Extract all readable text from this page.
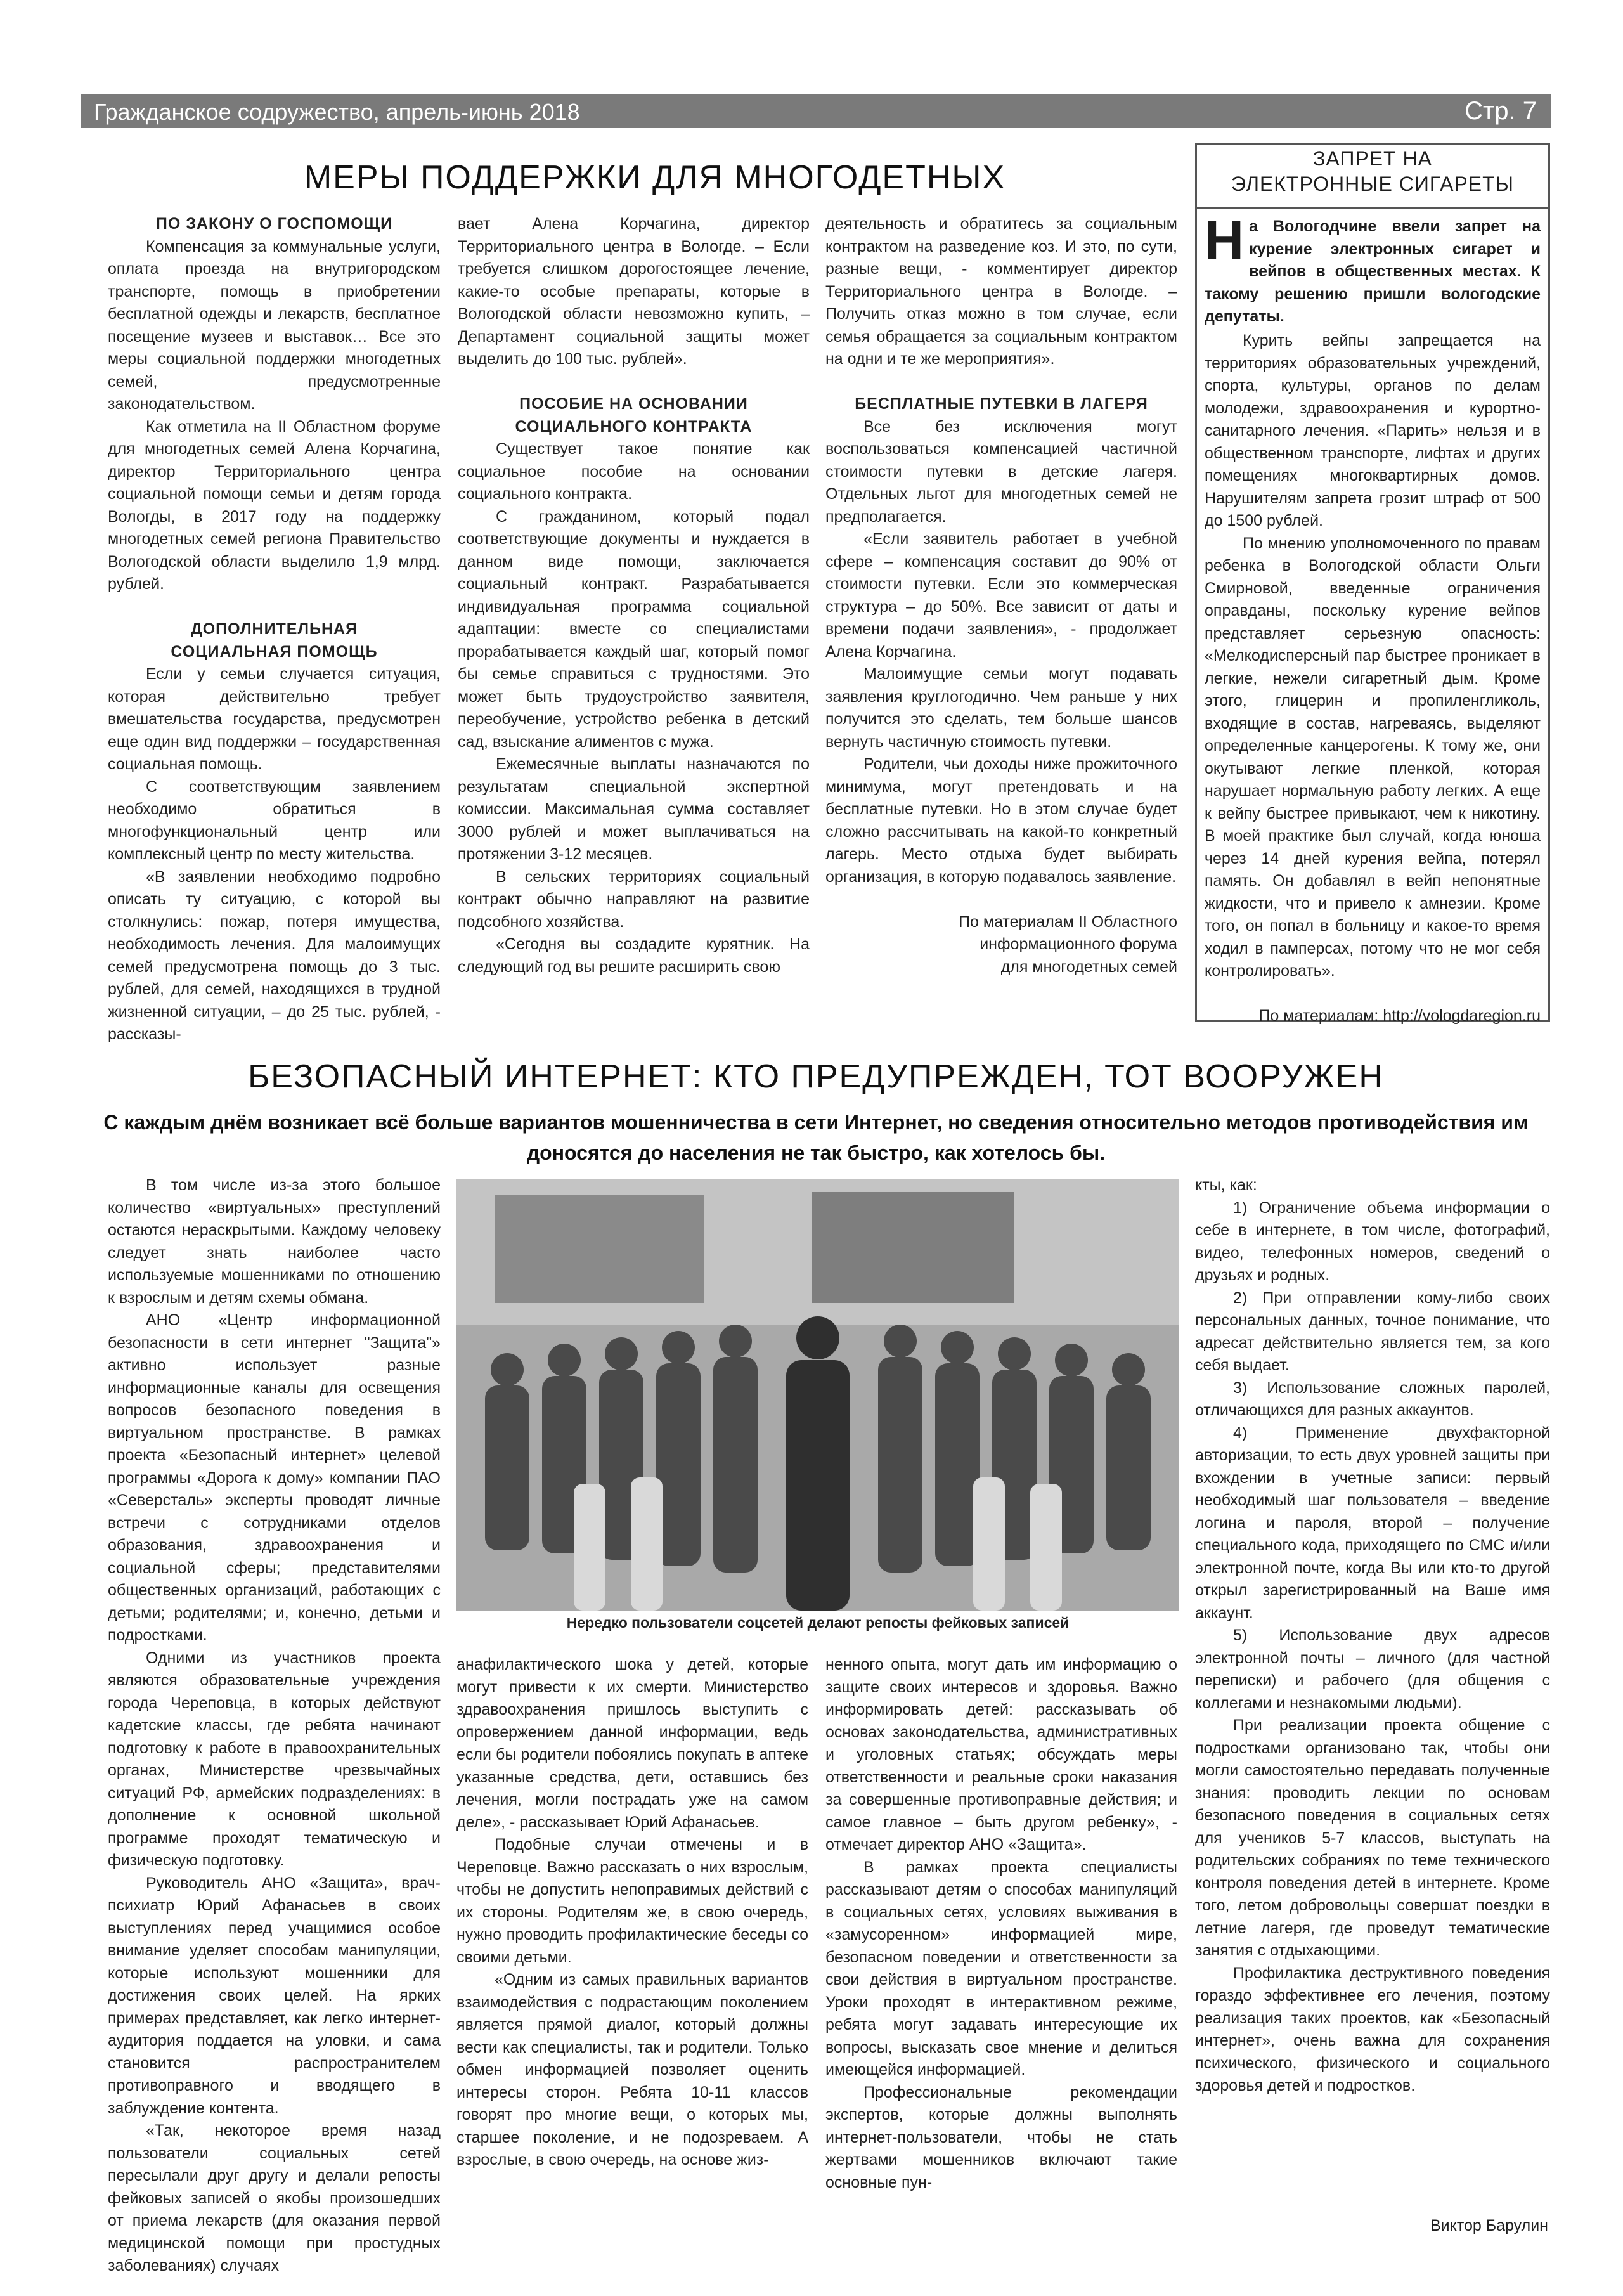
Гражданское содружество, апрель-июнь 2018	Стр. 7
МЕРЫ ПОДДЕРЖКИ ДЛЯ МНОГОДЕТНЫХ
ПО ЗАКОНУ О ГОСПОМОЩИ

Компенсация за коммунальные услуги, оплата проезда на внутригородском транспорте, помощь в приобретении бесплатной одежды и лекарств, бесплатное посещение музеев и выставок… Все это меры социальной поддержки многодетных семей, предусмотренные законодательством.

Как отметила на II Областном форуме для многодетных семей Алена Корчагина, директор Территориального центра социальной помощи семьи и детям города Вологды, в 2017 году на поддержку многодетных семей региона Правительство Вологодской области выделило 1,9 млрд. рублей.

ДОПОЛНИТЕЛЬНАЯ
СОЦИАЛЬНАЯ ПОМОЩЬ

Если у семьи случается ситуация, которая действительно требует вмешательства государства, предусмотрен еще один вид поддержки – государственная социальная помощь.

С соответствующим заявлением необходимо обратиться в многофункциональный центр или комплексный центр по месту жительства.

«В заявлении необходимо подробно описать ту ситуацию, с которой вы столкнулись: пожар, потеря имущества, необходимость лечения. Для малоимущих семей предусмотрена помощь до 3 тыс. рублей, для семей, находящихся в трудной жизненной ситуации, – до 25 тыс. рублей, - рассказы-

вает Алена Корчагина, директор Территориального центра в Вологде. – Если требуется слишком дорогостоящее лечение, какие-то особые препараты, которые в Вологодской области невозможно купить, – Департамент социальной защиты может выделить до 100 тыс. рублей».

ПОСОБИЕ НА ОСНОВАНИИ
СОЦИАЛЬНОГО КОНТРАКТА

Существует такое понятие как социальное пособие на основании социального контракта.

С гражданином, который подал соответствующие документы и нуждается в данном виде помощи, заключается социальный контракт. Разрабатывается индивидуальная программа социальной адаптации: вместе со специалистами прорабатывается каждый шаг, который помог бы семье справиться с трудностями. Это может быть трудоустройство заявителя, переобучение, устройство ребенка в детский сад, взыскание алиментов с мужа.

Ежемесячные выплаты назначаются по результатам специальной экспертной комиссии. Максимальная сумма составляет 3000 рублей и может выплачиваться на протяжении 3-12 месяцев.

В сельских территориях социальный контракт обычно направляют на развитие подсобного хозяйства.

«Сегодня вы создадите курятник. На следующий год вы решите расширить свою

деятельность и обратитесь за социальным контрактом на разведение коз. И это, по сути, разные вещи, - комментирует директор Территориального центра в Вологде. – Получить отказ можно в том случае, если семья обращается за социальным контрактом на одни и те же мероприятия».

БЕСПЛАТНЫЕ ПУТЕВКИ В ЛАГЕРЯ

Все без исключения могут воспользоваться компенсацией частичной стоимости путевки в детские лагеря. Отдельных льгот для многодетных семей не предполагается.

«Если заявитель работает в учебной сфере – компенсация составит до 90% от стоимости путевки. Если это коммерческая структура – до 50%. Все зависит от даты и времени подачи заявления», - продолжает Алена Корчагина.

Малоимущие семьи могут подавать заявления круглогодично. Чем раньше у них получится это сделать, тем больше шансов вернуть частичную стоимость путевки.

Родители, чьи доходы ниже прожиточного минимума, могут претендовать и на бесплатные путевки. Но в этом случае будет сложно рассчитывать на какой-то конкретный лагерь. Место отдыха будет выбирать организация, в которую подавалось заявление.

По материалам II Областного

информационного форума

для многодетных семей

ЗАПРЕТ НА
ЭЛЕКТРОННЫЕ СИГАРЕТЫ
Н а Вологодчине ввели запрет на курение электронных сигарет и вейпов в общественных местах. К такому решению пришли вологодские депутаты.

Курить вейпы запрещается на территориях образовательных учреждений, спорта, культуры, органов по делам молодежи, здравоохранения и курортно-санитарного лечения. «Парить» нельзя и в общественном транспорте, лифтах и других помещениях многоквартирных домов. Нарушителям запрета грозит штраф от 500 до 1500 рублей.

По мнению уполномоченного по правам ребенка в Вологодской области Ольги Смирновой, введенные ограничения оправданы, поскольку курение вейпов представляет серьезную опасность: «Мелкодисперсный пар быстрее проникает в легкие, нежели сигаретный дым. Кроме этого, глицерин и пропиленгликоль, входящие в состав, нагреваясь, выделяют определенные канцерогены. К тому же, они окутывают легкие пленкой, которая нарушает нормальную работу легких. А еще к вейпу быстрее привыкают, чем к никотину. В моей практике был случай, когда юноша через 14 дней курения вейпа, потерял память. Он добавлял в вейп непонятные жидкости, что и привело к амнезии. Кроме того, он попал в больницу и какое-то время ходил в памперсах, потому что не мог себя контролировать».

По материалам: http://vologdaregion.ru

БЕЗОПАСНЫЙ ИНТЕРНЕТ: КТО ПРЕДУПРЕЖДЕН, ТОТ ВООРУЖЕН
С каждым днём возникает всё больше вариантов мошенничества в сети Интернет, но сведения относительно методов противодействия им доносятся до населения не так быстро, как хотелось бы.

В том числе из-за этого большое количество «виртуальных» преступлений остаются нераскрытыми. Каждому человеку следует знать наиболее часто используемые мошенниками по отношению к взрослым и детям схемы обмана.

АНО «Центр информационной безопасности в сети интернет "Защита"» активно использует разные информационные каналы для освещения вопросов безопасного поведения в виртуальном пространстве. В рамках проекта «Безопасный интернет» целевой программы «Дорога к дому» компании ПАО «Северсталь» эксперты проводят личные встречи с сотрудниками отделов образования, здравоохранения и социальной сферы; представителями общественных организаций, работающих с детьми; родителями; и, конечно, детьми и подростками.

Одними из участников проекта являются образовательные учреждения города Череповца, в которых действуют кадетские классы, где ребята начинают подготовку к работе в правоохранительных органах, Министерстве чрезвычайных ситуаций РФ, армейских подразделениях: в дополнение к основной школьной программе проходят тематическую и физическую подготовку.

Руководитель АНО «Защита», врач-психиатр Юрий Афанасьев в своих выступлениях перед учащимися особое внимание уделяет способам манипуляции, которые используют мошенники для достижения своих целей. На ярких примерах представляет, как легко интернет-аудитория поддается на уловки, и сама становится распространителем противоправного и вводящего в заблуждение контента.

«Так, некоторое время назад пользователи социальных сетей пересылали друг другу и делали репосты фейковых записей о якобы произошедших от приема лекарств (для оказания первой медицинской помощи при простудных заболеваниях) случаях

Нередко пользователи соцсетей делают репосты фейковых записей

анафилактического шока у детей, которые могут привести к их смерти. Министерство здравоохранения пришлось выступить с опровержением данной информации, ведь если бы родители побоялись покупать в аптеке указанные средства, дети, оставшись без лечения, могли пострадать уже на самом деле», - рассказывает Юрий Афанасьев.

Подобные случаи отмечены и в Череповце. Важно рассказать о них взрослым, чтобы не допустить непоправимых действий с их стороны. Родителям же, в свою очередь, нужно проводить профилактические беседы со своими детьми.

«Одним из самых правильных вариантов взаимодействия с подрастающим поколением является прямой диалог, который должны вести как специалисты, так и родители. Только обмен информацией позволяет оценить интересы сторон. Ребята 10-11 классов говорят про многие вещи, о которых мы, старшее поколение, и не подозреваем. А взрослые, в свою очередь, на основе жиз-

ненного опыта, могут дать им информацию о защите своих интересов и здоровья. Важно информировать детей: рассказывать об основах законодательства, административных и уголовных статьях; обсуждать меры ответственности и реальные сроки наказания за совершенные противоправные действия; и самое главное – быть другом ребенку», - отмечает директор АНО «Защита».

В рамках проекта специалисты рассказывают детям о способах манипуляций в социальных сетях, условиях выживания в «замусоренном» информацией мире, безопасном поведении и ответственности за свои действия в виртуальном пространстве. Уроки проходят в интерактивном режиме, ребята могут задавать интересующие их вопросы, высказать свое мнение и делиться имеющейся информацией.

Профессиональные рекомендации экспертов, которые должны выполнять интернет-пользователи, чтобы не стать жертвами мошенников включают такие основные пун-

кты, как:

1) Ограничение объема информации о себе в интернете, в том числе, фотографий, видео, телефонных номеров, сведений о друзьях и родных.

2) При отправлении кому-либо своих персональных данных, точное понимание, что адресат действительно является тем, за кого себя выдает.

3) Использование сложных паролей, отличающихся для разных аккаунтов.

4) Применение двухфакторной авторизации, то есть двух уровней защиты при вхождении в учетные записи: первый необходимый шаг пользователя – введение логина и пароля, второй – получение специального кода, приходящего по СМС и/или электронной почте, когда Вы или кто-то другой открыл зарегистрированный на Ваше имя аккаунт.

5) Использование двух адресов электронной почты – личного (для частной переписки) и рабочего (для общения с коллегами и незнакомыми людьми).

При реализации проекта общение с подростками организовано так, чтобы они могли самостоятельно передавать полученные знания: проводить лекции по основам безопасного поведения в социальных сетях для учеников 5-7 классов, выступать на родительских собраниях по теме технического контроля поведения детей в интернете. Кроме того, летом добровольцы совершат поездки в летние лагеря, где проведут тематические занятия с отдыхающими.

Профилактика деструктивного поведения гораздо эффективнее его лечения, поэтому реализация таких проектов, как «Безопасный интернет», очень важна для сохранения психического, физического и социального здоровья детей и подростков.

Виктор Барулин
